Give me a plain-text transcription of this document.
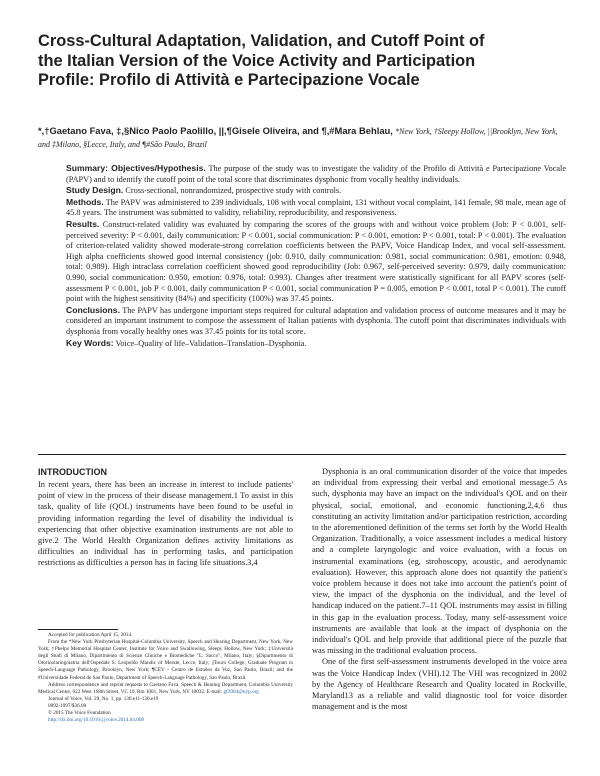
Cross-Cultural Adaptation, Validation, and Cutoff Point of the Italian Version of the Voice Activity and Participation Profile: Profilo di Attività e Partecipazione Vocale
*,†Gaetano Fava, ‡,§Nico Paolo Paolillo, ||,¶Gisele Oliveira, and ¶,#Mara Behlau, *New York, †Sleepy Hollow, ||Brooklyn, New York, and ‡Milano, §Lecce, Italy, and ¶#São Paulo, Brazil

Summary: Objectives/Hypothesis. The purpose of the study was to investigate the validity of the Profilo di Attività e Partecipazione Vocale (PAPV) and to identify the cutoff point of the total score that discriminates dysphonic from vocally healthy individuals.

Study Design. Cross-sectional, nonrandomized, prospective study with controls.

Methods. The PAPV was administered to 239 individuals, 108 with vocal complaint, 131 without vocal complaint, 141 female, 98 male, mean age of 45.8 years. The instrument was submitted to validity, reliability, reproducibility, and responsiveness.

Results. Construct-related validity was evaluated by comparing the scores of the groups with and without voice problem (Job: P < 0.001, self-perceived severity: P < 0.001, daily communication: P < 0.001, social communication: P < 0.001, emotion: P < 0.001, total: P < 0.001). The evaluation of criterion-related validity showed moderate-strong correlation coefficients between the PAPV, Voice Handicap Index, and vocal self-assessment. High alpha coefficients showed good internal consistency (job: 0.910, daily communication: 0.981, social communication: 0.981, emotion: 0.948, total: 0.989). High intraclass correlation coefficient showed good reproducibility (Job: 0.967, self-perceived severity: 0.979, daily communication: 0.990, social communication: 0.950, emotion: 0.976, total: 0.993). Changes after treatment were statistically significant for all PAPV scores (self-assessment P < 0.001, job P < 0.001, daily communication P < 0.001, social communication P = 0.005, emotion P < 0.001, total P < 0.001). The cutoff point with the highest sensitivity (84%) and specificity (100%) was 37.45 points.

Conclusions. The PAPV has undergone important steps required for cultural adaptation and validation process of outcome measures and it may be considered an important instrument to compose the assessment of Italian patients with dysphonia. The cutoff point that discriminates individuals with dysphonia from vocally healthy ones was 37.45 points for its total score.

Key Words: Voice–Quality of life–Validation–Translation–Dysphonia.

INTRODUCTION

In recent years, there has been an increase in interest to include patients' point of view in the process of their disease management.1 To assist in this task, quality of life (QOL) instruments have been found to be useful in providing information regarding the level of disability the individual is experiencing that other objective examination instruments are not able to give.2 The World Health Organization defines activity limitations as difficulties an individual has in performing tasks, and participation restrictions as difficulties a person has in facing life situations.3,4

Accepted for publication April 15, 2014.

From the *New York Presbyterian Hospital-Columbia University, Speech and Hearing Department, New York, New York; †Phelps Memorial Hospital Center, Institute for Voice and Swallowing, Sleepy Hollow, New York; ‡Università degli Studi di Milano, Dipartimento di Scienze Cliniche e Biomediche "L. Sacco", Milano, Italy; §Dipartimento di Otorinolaringoiatria dell'Ospedale S. Leopoldo Mandic of Merate, Lecce, Italy; ||Touro College, Graduate Program in Speech-Language Pathology, Brooklyn, New York; ¶CEV - Centro de Estudos da Voz, Sao Paulo, Brazil; and the #Universidade Federal de Sao Paulo, Department of Speech-Language Pathology, Sao Paulo, Brazil.

Address correspondence and reprint requests to Gaetano Fava, Speech & Hearing Department, Columbia University Medical Center, 622 West 168th Street, VC 10, Rm 1001, New York, NY 10032. E-mail: gf2004@nyp.org

Journal of Voice, Vol. 29, No. 1, pp. 130.e11-130.e19

0892-1997/$36.00

© 2015 The Voice Foundation

http://dx.doi.org/10.1016/j.jvoice.2014.04.008

Dysphonia is an oral communication disorder of the voice that impedes an individual from expressing their verbal and emotional message.5 As such, dysphonia may have an impact on the individual's QOL and on their physical, social, emotional, and economic functioning,2,4,6 thus constituting an activity limitation and/or participation restriction, according to the aforementioned definition of the terms set forth by the World Health Organization. Traditionally, a voice assessment includes a medical history and a complete laryngologic and voice evaluation, with a focus on instrumental examinations (eg, stroboscopy, acoustic, and aerodynamic evaluation). However, this approach alone does not quantify the patient's voice problem because it does not take into account the patient's point of view, the impact of the dysphonia on the individual, and the level of handicap induced on the patient.7–11 QOL instruments may assist in filling in this gap in the evaluation process. Today, many self-assessment voice instruments are available that look at the impact of dysphonia on the individual's QOL and help provide that additional piece of the puzzle that was missing in the traditional evaluation process.

One of the first self-assessment instruments developed in the voice area was the Voice Handicap Index (VHI).12 The VHI was recognized in 2002 by the Agency of Healthcare Research and Quality located in Rockville, Maryland13 as a reliable and valid diagnostic tool for voice disorder management and is the most
